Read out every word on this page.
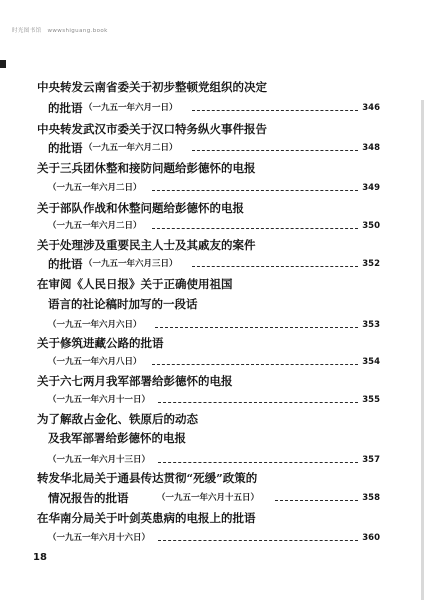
时光图书馆 wwwshiguang.book
中央转发云南省委关于初步整顿党组织的决定
的批语 （一九五一年六月一日）	346
中央转发武汉市委关于汉口特务纵火事件报告
的批语 （一九五一年六月二日）	348
关于三兵团休整和接防问题给彭德怀的电报
（一九五一年六月二日）	349
关于部队作战和休整问题给彭德怀的电报
（一九五一年六月二日）	350
关于处理涉及重要民主人士及其戚友的案件
的批语 （一九五一年六月三日）	352
在审阅《人民日报》关于正确使用祖国
语言的社论稿时加写的一段话
（一九五一年六月六日）	353
关于修筑进藏公路的批语
（一九五一年六月八日）	354
关于六七两月我军部署给彭德怀的电报
（一九五一年六月十一日）	355
为了解敌占金化、铁原后的动态
及我军部署给彭德怀的电报
（一九五一年六月十三日）	357
转发华北局关于通县传达贯彻“死缓”政策的
情况报告的批语	（一九五一年六月十五日）	358
在华南分局关于叶剑英患病的电报上的批语
（一九五一年六月十六日）	360
18
